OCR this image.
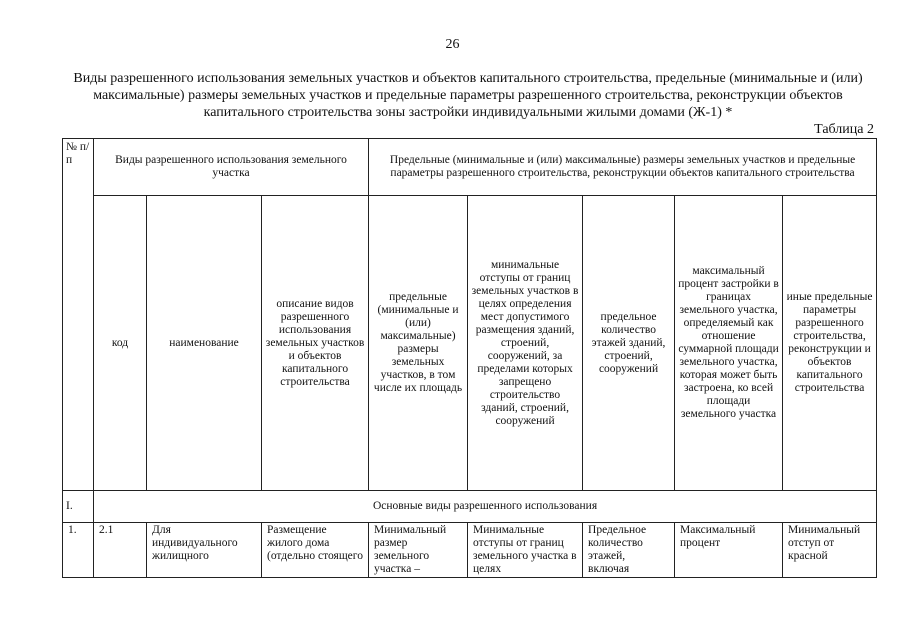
26
Виды разрешенного использования земельных участков и объектов капитального строительства, предельные (минимальные и (или) максимальные) размеры земельных участков и предельные параметры разрешенного строительства, реконструкции объектов капитального строительства зоны застройки индивидуальными жилыми домами (Ж-1) *
Таблица 2
№ п/п	Виды разрешенного использования земельного участка			Предельные (минимальные и (или) максимальные) размеры земельных участков и предельные параметры разрешенного строительства, реконструкции объектов капитального строительства				
	код	наименование	описание видов разрешенного использования земельных участков и объектов капитального строительства	предельные (минимальные и (или) максимальные) размеры земельных участков, в том числе их площадь	минимальные отступы от границ земельных участков в целях определения мест допустимого размещения зданий, строений, сооружений, за пределами которых запрещено строительство зданий, строений, сооружений	предельное количество этажей зданий, строений, сооружений	максимальный процент застройки в границах земельного участка, определяемый как отношение суммарной площади земельного участка, которая может быть застроена, ко всей площади земельного участка	иные предельные параметры разрешенного строительства, реконструкции и объектов капитального строительства
I.	Основные виды разрешенного использования							
1.	2.1	Для индивидуального жилищного	Размещение жилого дома (отдельно стоящего	Минимальный размер земельного участка –	Минимальные отступы от границ земельного участка в целях	Предельное количество этажей, включая	Максимальный процент	Минимальный отступ от красной
